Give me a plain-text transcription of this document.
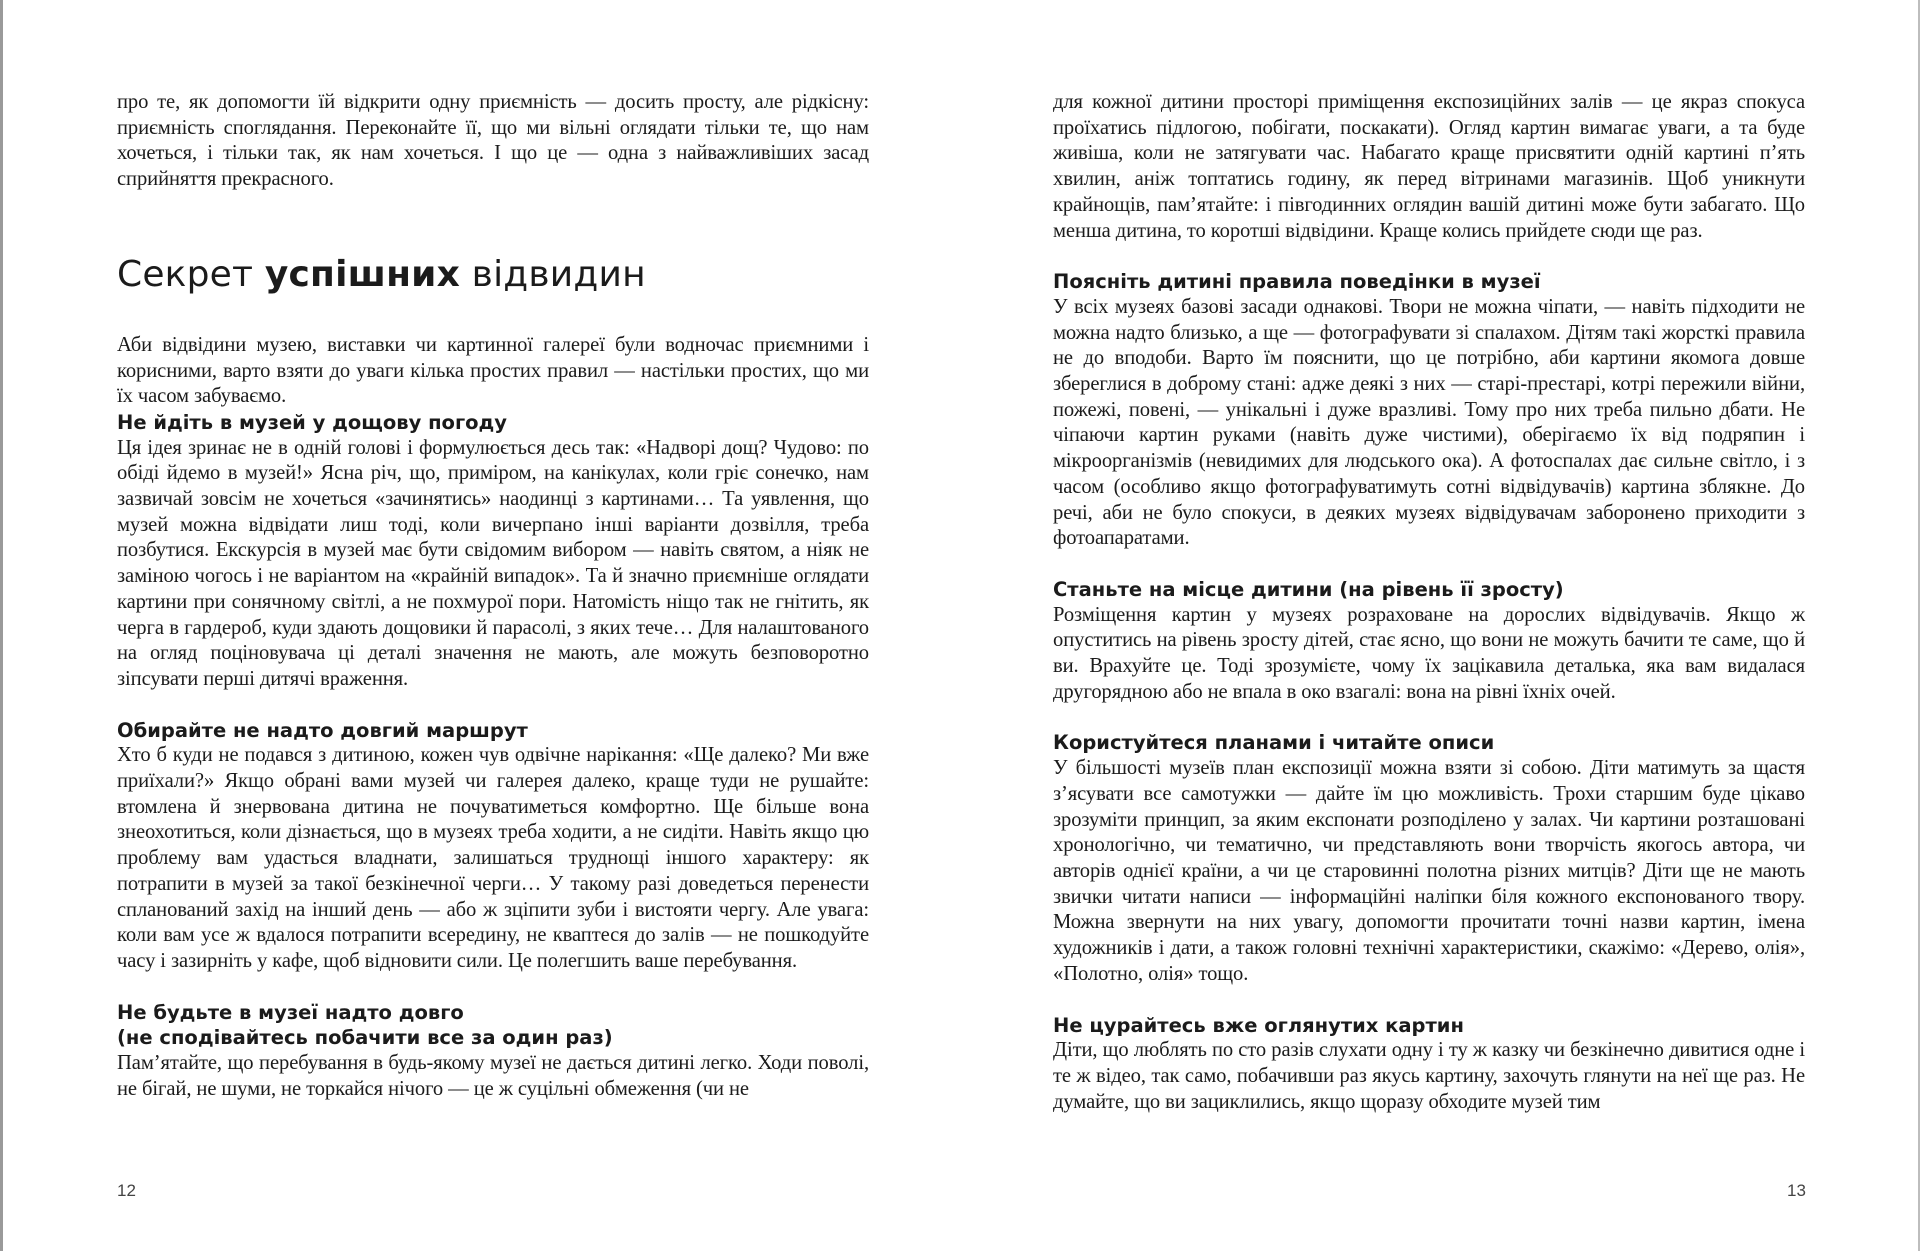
про те, як допомогти їй відкрити одну приємність — досить просту, але рідкісну: приємність споглядання. Переконайте її, що ми вільні оглядати тільки те, що нам хочеться, і тільки так, як нам хочеться. І що це — одна з найважливіших засад сприйняття прекрасного.

Секрет успішних відвидин

Аби відвідини музею, виставки чи картинної галереї були водночас приємними і корисними, варто взяти до уваги кілька простих правил — настільки простих, що ми їх часом забуваємо.

Не йдіть в музей у дощову погоду

Ця ідея зринає не в одній голові і формулюється десь так: «Надворі дощ? Чудово: по обіді йдемо в музей!» Ясна річ, що, приміром, на канікулах, коли гріє сонечко, нам зазвичай зовсім не хочеться «зачинятись» наодинці з картинами… Та уявлення, що музей можна відвідати лиш тоді, коли вичерпано інші варіанти дозвілля, треба позбутися. Екскурсія в музей має бути свідомим вибором — навіть святом, а ніяк не заміною чогось і не варіантом на «крайній випадок». Та й значно приємніше оглядати картини при сонячному світлі, а не похмурої пори. Натомість ніщо так не гнітить, як черга в гардероб, куди здають дощовики й парасолі, з яких тече… Для налаштованого на огляд поціновувача ці деталі значення не мають, але можуть безповоротно зіпсувати перші дитячі враження.

Обирайте не надто довгий маршрут

Хто б куди не подався з дитиною, кожен чув одвічне нарікання: «Ще далеко? Ми вже приїхали?» Якщо обрані вами музей чи галерея далеко, краще туди не рушайте: втомлена й знервована дитина не почуватиметься комфортно. Ще більше вона знеохотиться, коли дізнається, що в музеях треба ходити, а не сидіти. Навіть якщо цю проблему вам удасться владнати, залишаться труднощі іншого характеру: як потрапити в музей за такої безкінечної черги… У такому разі доведеться перенести спланований захід на інший день — або ж зціпити зуби і вистояти чергу. Але увага: коли вам усе ж вдалося потрапити всередину, не кваптеся до залів — не пошкодуйте часу і зазирніть у кафе, щоб відновити сили. Це полегшить ваше перебування.

Не будьте в музеї надто довго
(не сподівайтесь побачити все за один раз)

Пам’ятайте, що перебування в будь-якому музеї не дається дитині легко. Ходи поволі, не бігай, не шуми, не торкайся нічого — це ж суцільні обмеження (чи не

12

для кожної дитини просторі приміщення експозиційних залів — це якраз спокуса проїхатись підлогою, побігати, поскакати). Огляд картин вимагає уваги, а та буде живіша, коли не затягувати час. Набагато краще присвятити одній картині п’ять хвилин, аніж топтатись годину, як перед вітринами магазинів. Щоб уникнути крайнощів, пам’ятайте: і півгодинних оглядин вашій дитині може бути забагато. Що менша дитина, то коротші відвідини. Краще колись прийдете сюди ще раз.

Поясніть дитині правила поведінки в музеї

У всіх музеях базові засади однакові. Твори не можна чіпати, — навіть підходити не можна надто близько, а ще — фотографувати зі спалахом. Дітям такі жорсткі правила не до вподоби. Варто їм пояснити, що це потрібно, аби картини якомога довше збереглися в доброму стані: адже деякі з них — старі-престарі, котрі пережили війни, пожежі, повені, — унікальні і дуже вразливі. Тому про них треба пильно дбати. Не чіпаючи картин руками (навіть дуже чистими), оберігаємо їх від подряпин і мікроорганізмів (невидимих для людського ока). А фотоспалах дає сильне світло, і з часом (особливо якщо фотографуватимуть сотні відвідувачів) картина зблякне. До речі, аби не було спокуси, в деяких музеях відвідувачам заборонено приходити з фотоапаратами.

Станьте на місце дитини (на рівень її зросту)

Розміщення картин у музеях розраховане на дорослих відвідувачів. Якщо ж опуститись на рівень зросту дітей, стає ясно, що вони не можуть бачити те саме, що й ви. Врахуйте це. Тоді зрозумієте, чому їх зацікавила деталька, яка вам видалася другорядною або не впала в око взагалі: вона на рівні їхніх очей.

Користуйтеся планами і читайте описи

У більшості музеїв план експозиції можна взяти зі собою. Діти матимуть за щастя з’ясувати все самотужки — дайте їм цю можливість. Трохи старшим буде цікаво зрозуміти принцип, за яким експонати розподілено у залах. Чи картини розташовані хронологічно, чи тематично, чи представляють вони творчість якогось автора, чи авторів однієї країни, а чи це старовинні полотна різних митців? Діти ще не мають звички читати написи — інформаційні наліпки біля кожного експонованого твору. Можна звернути на них увагу, допомогти прочитати точні назви картин, імена художників і дати, а також головні технічні характеристики, скажімо: «Дерево, олія», «Полотно, олія» тощо.

Не цурайтесь вже оглянутих картин

Діти, що люблять по сто разів слухати одну і ту ж казку чи безкінечно дивитися одне і те ж відео, так само, побачивши раз якусь картину, захочуть глянути на неї ще раз. Не думайте, що ви зациклились, якщо щоразу обходите музей тим

13
